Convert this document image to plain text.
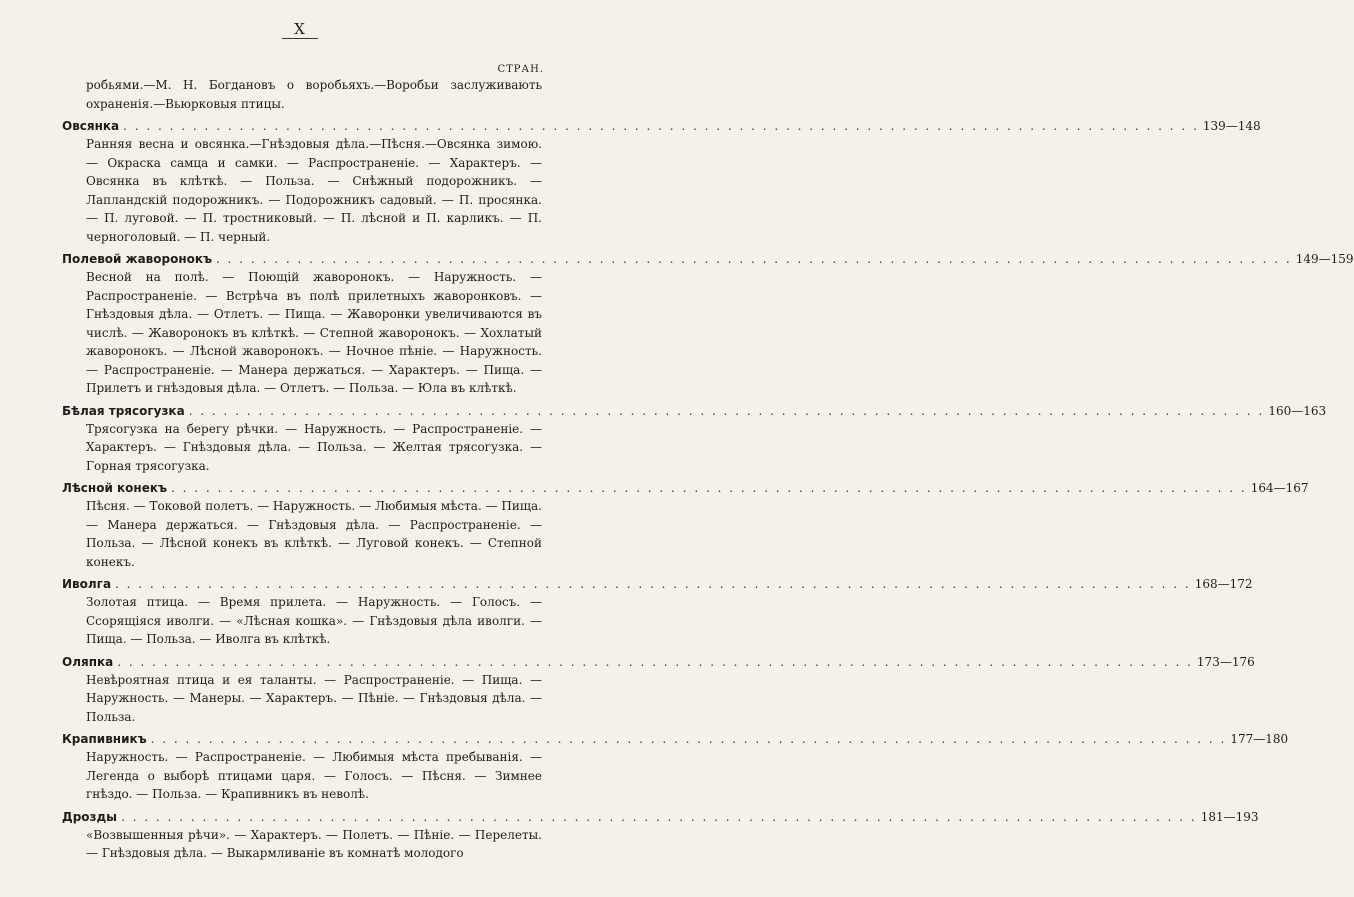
X
СТРАН.
робьями.—М. Н. Богдановъ о воробьяхъ.—Воробьи заслуживають охраненія.—Вьюрковыя птицы.
Овсянка . . . . . . . . . . . . . . . . . . . . . . . . . . . . . . . . . . . . . . . . . . . . . . . . . . . . . . . . . . . . . . . . . . . . . . . . . . . . . . . . . . . . . . . . . . . . . 139—148
Ранняя весна и овсянка.—Гнѣздовыя дѣла.—Пѣсня.—Овсянка зимою. — Окраска самца и самки. — Распространеніе. — Характеръ. — Овсянка въ клѣткѣ. — Польза. — Снѣжный подорожникъ. — Лапландскій подорожникъ. — Подорожникъ садовый. — П. просянка. — П. луговой. — П. тростниковый. — П. лѣсной и П. карликъ. — П. черноголовый. — П. черный.
Полевой жаворонокъ . . . . . . . . . . . . . . . . . . . . . . . . . . . . . . . . . . . . . . . . . . . . . . . . . . . . . . . . . . . . . . . . . . . . . . . . . . . . . . . . . . . . . . . . . . . . . 149—159
Весной на полѣ. — Поющій жаворонокъ. — Наружность. — Распространеніе. — Встрѣча въ полѣ прилетныхъ жаворонковъ. — Гнѣздовыя дѣла. — Отлетъ. — Пища. — Жаворонки увеличиваются въ числѣ. — Жаворонокъ въ клѣткѣ. — Степной жаворонокъ. — Хохлатый жаворонокъ. — Лѣсной жаворонокъ. — Ночное пѣніе. — Наружность. — Распространеніе. — Манера держаться. — Характеръ. — Пища. — Прилетъ и гнѣздовыя дѣла. — Отлетъ. — Польза. — Юла въ клѣткѣ.
Бѣлая трясогузка . . . . . . . . . . . . . . . . . . . . . . . . . . . . . . . . . . . . . . . . . . . . . . . . . . . . . . . . . . . . . . . . . . . . . . . . . . . . . . . . . . . . . . . . . . . . . 160—163
Трясогузка на берегу рѣчки. — Наружность. — Распространеніе. — Характеръ. — Гнѣздовыя дѣла. — Польза. — Желтая трясогузка. — Горная трясогузка.
Лѣсной конекъ . . . . . . . . . . . . . . . . . . . . . . . . . . . . . . . . . . . . . . . . . . . . . . . . . . . . . . . . . . . . . . . . . . . . . . . . . . . . . . . . . . . . . . . . . . . . . 164—167
Пѣсня. — Токовой полетъ. — Наружность. — Любимыя мѣста. — Пища. — Манера держаться. — Гнѣздовыя дѣла. — Распространеніе. — Польза. — Лѣсной конекъ въ клѣткѣ. — Луговой конекъ. — Степной конекъ.
Иволга . . . . . . . . . . . . . . . . . . . . . . . . . . . . . . . . . . . . . . . . . . . . . . . . . . . . . . . . . . . . . . . . . . . . . . . . . . . . . . . . . . . . . . . . . . . . . 168—172
Золотая птица. — Время прилета. — Наружность. — Голосъ. — Ссорящіяся иволги. — «Лѣсная кошка». — Гнѣздовыя дѣла иволги. — Пища. — Польза. — Иволга въ клѣткѣ.
Оляпка . . . . . . . . . . . . . . . . . . . . . . . . . . . . . . . . . . . . . . . . . . . . . . . . . . . . . . . . . . . . . . . . . . . . . . . . . . . . . . . . . . . . . . . . . . . . . 173—176
Невѣроятная птица и ея таланты. — Распространеніе. — Пища. — Наружность. — Манеры. — Характеръ. — Пѣніе. — Гнѣздовыя дѣла. — Польза.
Крапивникъ . . . . . . . . . . . . . . . . . . . . . . . . . . . . . . . . . . . . . . . . . . . . . . . . . . . . . . . . . . . . . . . . . . . . . . . . . . . . . . . . . . . . . . . . . . . . . 177—180
Наружность. — Распространеніе. — Любимыя мѣста пребыванія. — Легенда о выборѣ птицами царя. — Голосъ. — Пѣсня. — Зимнее гнѣздо. — Польза. — Крапивникъ въ неволѣ.
Дрозды . . . . . . . . . . . . . . . . . . . . . . . . . . . . . . . . . . . . . . . . . . . . . . . . . . . . . . . . . . . . . . . . . . . . . . . . . . . . . . . . . . . . . . . . . . . . . 181—193
«Возвышенныя рѣчи». — Характеръ. — Полетъ. — Пѣніе. — Перелеты. — Гнѣздовыя дѣла. — Выкармливаніе въ комнатѣ молодого
